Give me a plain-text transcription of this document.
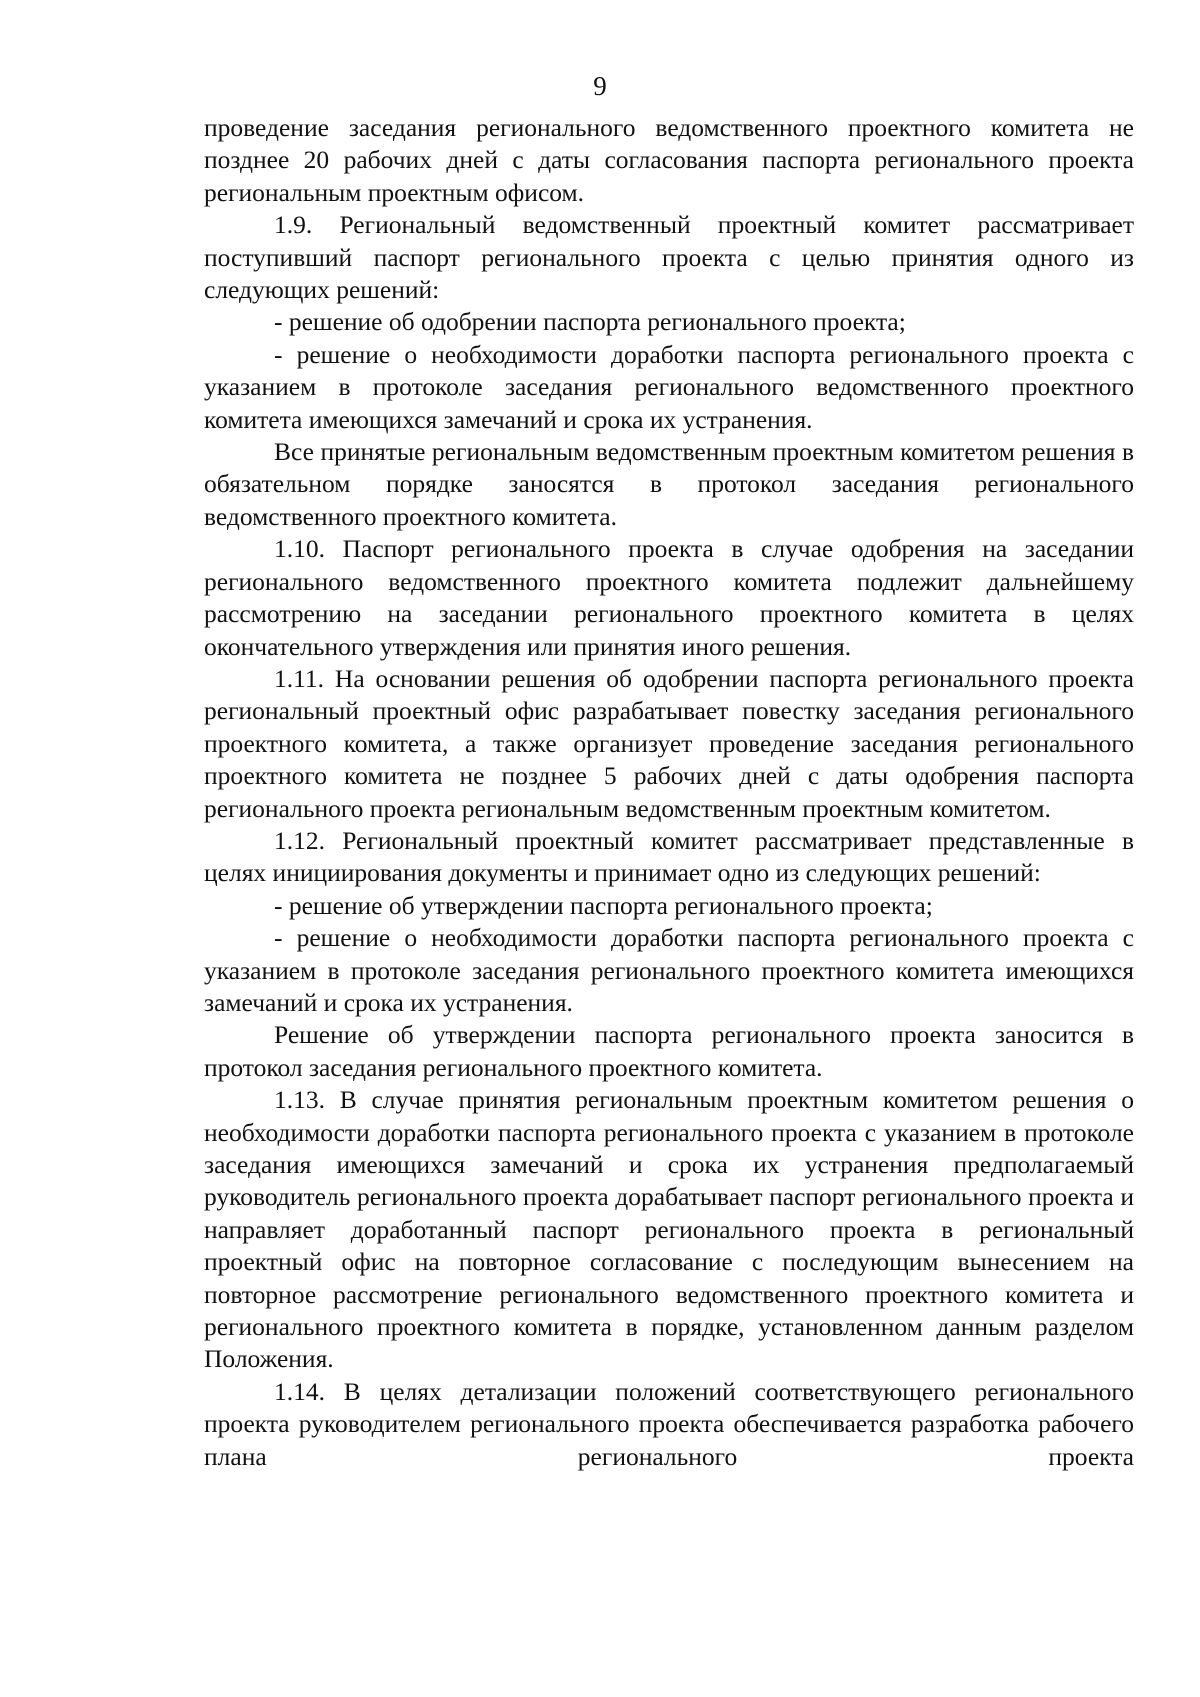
9

проведение заседания регионального ведомственного проектного комитета не позднее 20 рабочих дней с даты согласования паспорта регионального проекта региональным проектным офисом.

1.9. Региональный ведомственный проектный комитет рассматривает поступивший паспорт регионального проекта с целью принятия одного из следующих решений:

- решение об одобрении паспорта регионального проекта;

- решение о необходимости доработки паспорта регионального проекта с указанием в протоколе заседания регионального ведомственного проектного комитета имеющихся замечаний и срока их устранения.

Все принятые региональным ведомственным проектным комитетом решения в обязательном порядке заносятся в протокол заседания регионального ведомственного проектного комитета.

1.10. Паспорт регионального проекта в случае одобрения на заседании регионального ведомственного проектного комитета подлежит дальнейшему рассмотрению на заседании регионального проектного комитета в целях окончательного утверждения или принятия иного решения.

1.11. На основании решения об одобрении паспорта регионального проекта региональный проектный офис разрабатывает повестку заседания регионального проектного комитета, а также организует проведение заседания регионального проектного комитета не позднее 5 рабочих дней с даты одобрения паспорта регионального проекта региональным ведомственным проектным комитетом.

1.12. Региональный проектный комитет рассматривает представленные в целях инициирования документы и принимает одно из следующих решений:

- решение об утверждении паспорта регионального проекта;

- решение о необходимости доработки паспорта регионального проекта с указанием в протоколе заседания регионального проектного комитета имеющихся замечаний и срока их устранения.

Решение об утверждении паспорта регионального проекта заносится в протокол заседания регионального проектного комитета.

1.13. В случае принятия региональным проектным комитетом решения о необходимости доработки паспорта регионального проекта с указанием в протоколе заседания имеющихся замечаний и срока их устранения предполагаемый руководитель регионального проекта дорабатывает паспорт регионального проекта и направляет доработанный паспорт регионального проекта в региональный проектный офис на повторное согласование с последующим вынесением на повторное рассмотрение регионального ведомственного проектного комитета и регионального проектного комитета в порядке, установленном данным разделом Положения.

1.14. В целях детализации положений соответствующего регионального проекта руководителем регионального проекта обеспечивается разработка рабочего плана регионального проекта
